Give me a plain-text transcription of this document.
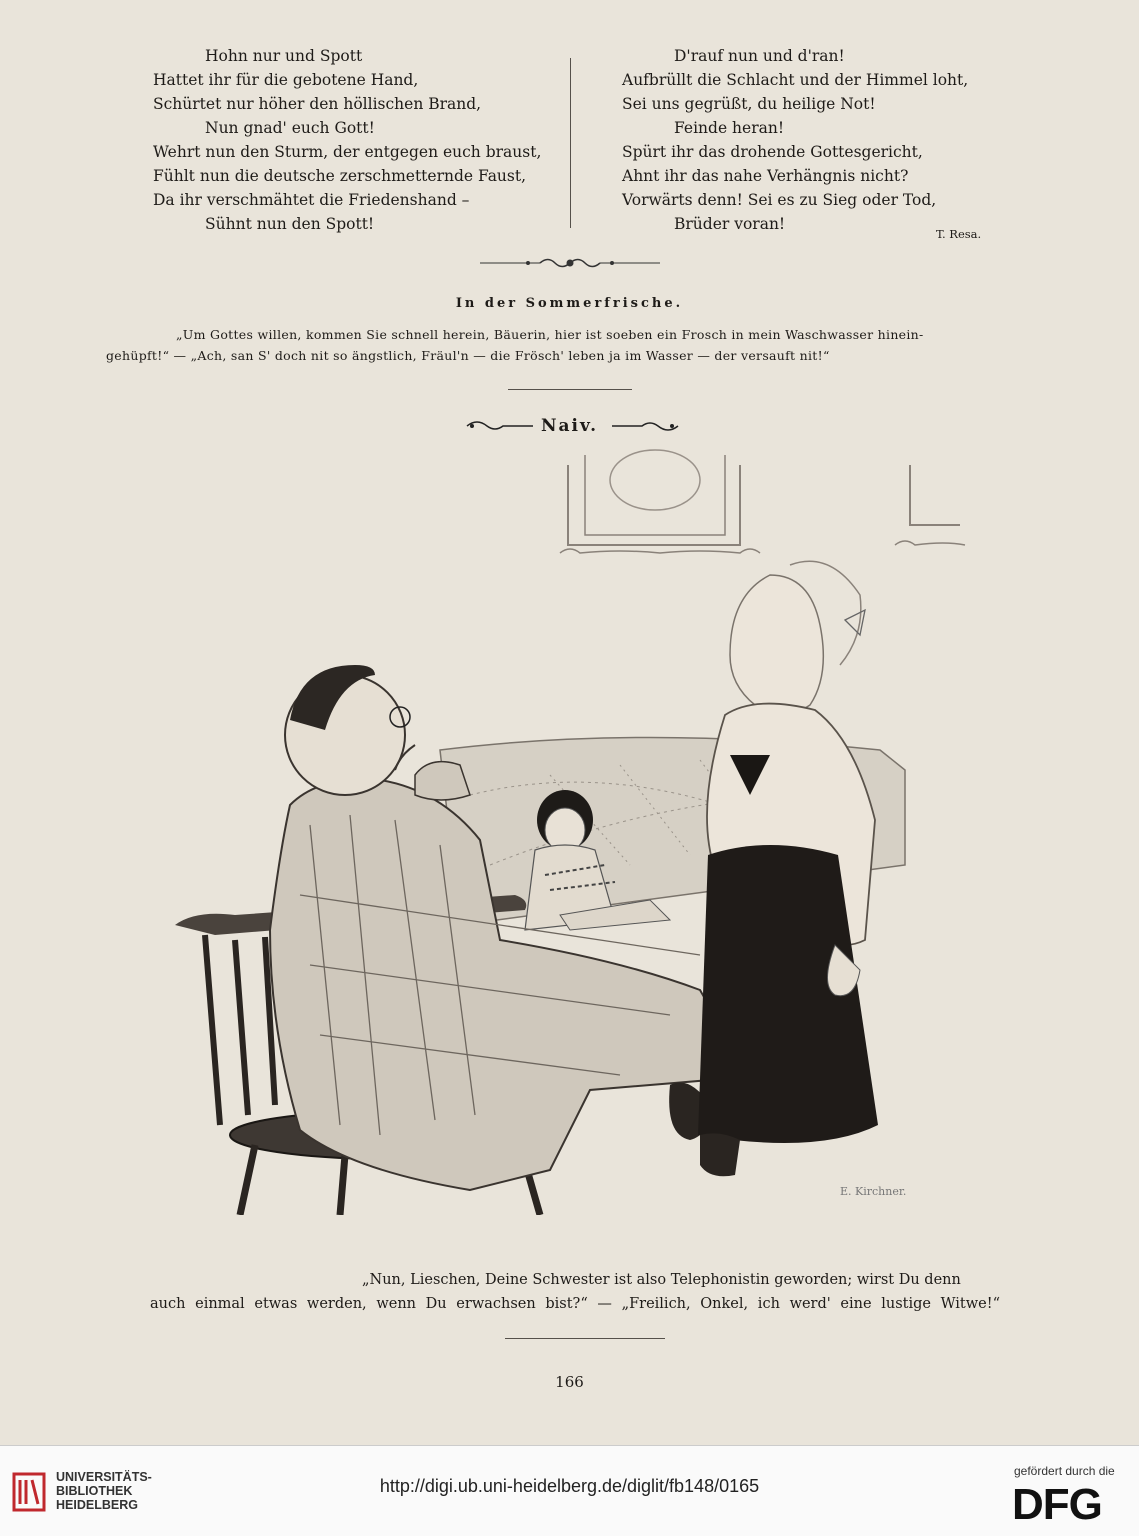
Hohn nur und Spott
Hattet ihr für die gebotene Hand,
Schürtet nur höher den höllischen Brand,
Nun gnad' euch Gott!
Wehrt nun den Sturm, der entgegen euch braust,
Fühlt nun die deutsche zerschmetternde Faust,
Da ihr verschmähtet die Friedenshand –
Sühnt nun den Spott!
D'rauf nun und d'ran!
Aufbrüllt die Schlacht und der Himmel loht,
Sei uns gegrüßt, du heilige Not!
Feinde heran!
Spürt ihr das drohende Gottesgericht,
Ahnt ihr das nahe Verhängnis nicht?
Vorwärts denn! Sei es zu Sieg oder Tod,
Brüder voran!
T. Resa.
In der Sommerfrische.
„Um Gottes willen, kommen Sie schnell herein, Bäuerin, hier ist soeben ein Frosch in mein Waschwasser hinein-
gehüpft!“ — „Ach, san S' doch nit so ängstlich, Fräul'n — die Frösch' leben ja im Wasser — der versauft nit!“
Naiv.
E. Kirchner.
„Nun, Lieschen, Deine Schwester ist also Telephonistin geworden; wirst Du denn
auch einmal etwas werden, wenn Du erwachsen bist?“ — „Freilich, Onkel, ich werd' eine lustige Witwe!“
166
UNIVERSITÄTS-
BIBLIOTHEK
HEIDELBERG
http://digi.ub.uni-heidelberg.de/diglit/fb148/0165
gefördert durch die
DFG
